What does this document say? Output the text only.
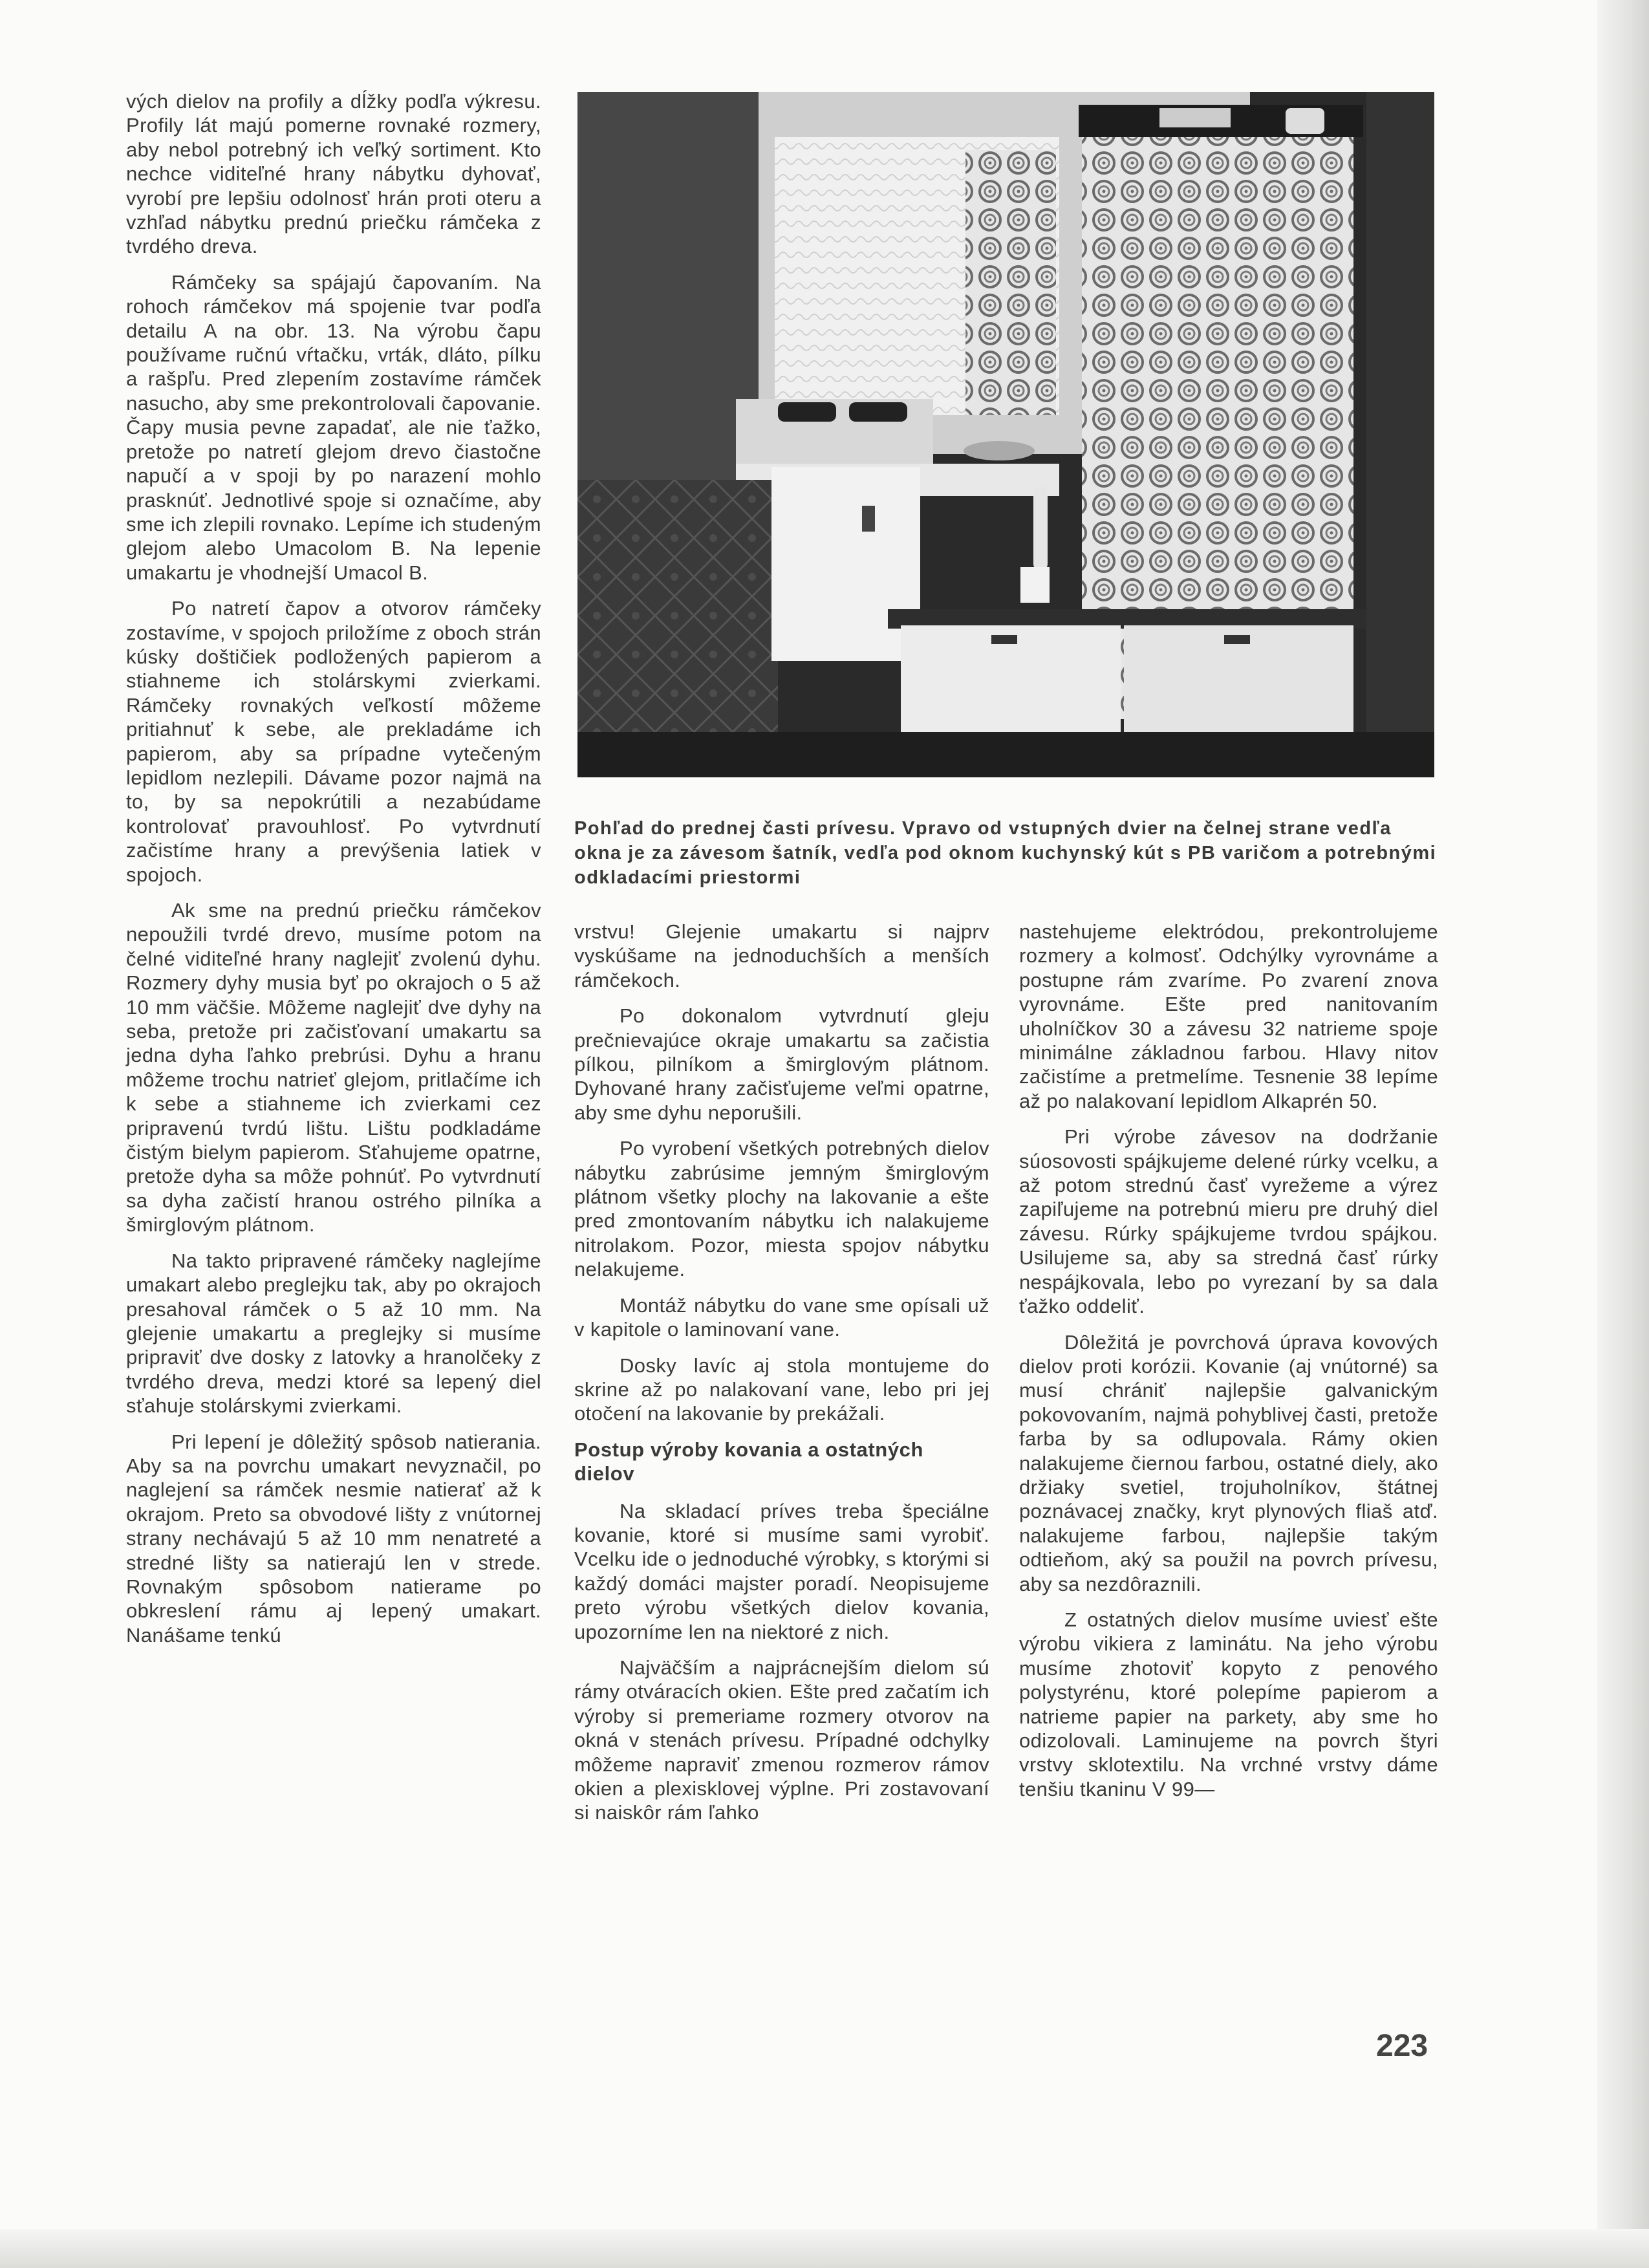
vých dielov na profily a dĺžky podľa výkresu. Profily lát majú pomerne rovnaké rozmery, aby nebol potrebný ich veľký sortiment. Kto nechce viditeľné hrany nábytku dyhovať, vyrobí pre lepšiu odolnosť hrán proti oteru a vzhľad nábytku prednú priečku rámčeka z tvrdého dreva.

Rámčeky sa spájajú čapovaním. Na rohoch rámčekov má spojenie tvar podľa detailu A na obr. 13. Na výrobu čapu používame ručnú vŕtačku, vrták, dláto, pílku a rašpľu. Pred zlepením zostavíme rámček nasucho, aby sme prekontrolovali čapovanie. Čapy musia pevne zapadať, ale nie ťažko, pretože po natretí glejom drevo čiastočne napučí a v spoji by po narazení mohlo prasknúť. Jednotlivé spoje si označíme, aby sme ich zlepili rovnako. Lepíme ich studeným glejom alebo Umacolom B. Na lepenie umakartu je vhodnejší Umacol B.

Po natretí čapov a otvorov rámčeky zostavíme, v spojoch priložíme z oboch strán kúsky doštičiek podložených papierom a stiahneme ich stolárskymi zvierkami. Rámčeky rovnakých veľkostí môžeme pritiahnuť k sebe, ale prekladáme ich papierom, aby sa prípadne vytečeným lepidlom nezlepili. Dávame pozor najmä na to, by sa nepokrútili a nezabúdame kontrolovať pravouhlosť. Po vytvrdnutí začistíme hrany a prevýšenia latiek v spojoch.

Ak sme na prednú priečku rámčekov nepoužili tvrdé drevo, musíme potom na čelné viditeľné hrany naglejiť zvolenú dyhu. Rozmery dyhy musia byť po okrajoch o 5 až 10 mm väčšie. Môžeme naglejiť dve dyhy na seba, pretože pri začisťovaní umakartu sa jedna dyha ľahko prebrúsi. Dyhu a hranu môžeme trochu natrieť glejom, pritlačíme ich k sebe a stiahneme ich zvierkami cez pripravenú tvrdú lištu. Lištu podkladáme čistým bielym papierom. Sťahujeme opatrne, pretože dyha sa môže pohnúť. Po vytvrdnutí sa dyha začistí hranou ostrého pilníka a šmirglovým plátnom.

Na takto pripravené rámčeky naglejíme umakart alebo preglejku tak, aby po okrajoch presahoval rámček o 5 až 10 mm. Na glejenie umakartu a preglejky si musíme pripraviť dve dosky z latovky a hranolčeky z tvrdého dreva, medzi ktoré sa lepený diel sťahuje stolárskymi zvierkami.

Pri lepení je dôležitý spôsob natierania. Aby sa na povrchu umakart nevyznačil, po naglejení sa rámček nesmie natierať až k okrajom. Preto sa obvodové lišty z vnútornej strany nechávajú 5 až 10 mm nenatreté a stredné lišty sa natierajú len v strede. Rovnakým spôsobom natierame po obkreslení rámu aj lepený umakart. Nanášame tenkú

Pohľad do prednej časti prívesu. Vpravo od vstupných dvier na čelnej strane vedľa okna je za závesom šatník, vedľa pod oknom kuchynský kút s PB varičom a potrebnými odkladacími priestormi

vrstvu! Glejenie umakartu si najprv vyskúšame na jednoduchších a menších rámčekoch.

Po dokonalom vytvrdnutí gleju prečnievajúce okraje umakartu sa začistia pílkou, pilníkom a šmirglovým plátnom. Dyhované hrany začisťujeme veľmi opatrne, aby sme dyhu neporušili.

Po vyrobení všetkých potrebných dielov nábytku zabrúsime jemným šmirglovým plátnom všetky plochy na lakovanie a ešte pred zmontovaním nábytku ich nalakujeme nitrolakom. Pozor, miesta spojov nábytku nelakujeme.

Montáž nábytku do vane sme opísali už v kapitole o laminovaní vane.

Dosky lavíc aj stola montujeme do skrine až po nalakovaní vane, lebo pri jej otočení na lakovanie by prekážali.

Postup výroby kovania a ostatných dielov

Na skladací príves treba špeciálne kovanie, ktoré si musíme sami vyrobiť. Vcelku ide o jednoduché výrobky, s ktorými si každý domáci majster poradí. Neopisujeme preto výrobu všetkých dielov kovania, upozorníme len na niektoré z nich.

Najväčším a najprácnejším dielom sú rámy otváracích okien. Ešte pred začatím ich výroby si premeriame rozmery otvorov na okná v stenách prívesu. Prípadné odchylky môžeme napraviť zmenou rozmerov rámov okien a plexisklovej výplne. Pri zostavovaní si naiskôr rám ľahko

nastehujeme elektródou, prekontrolujeme rozmery a kolmosť. Odchýlky vyrovnáme a postupne rám zvaríme. Po zvarení znova vyrovnáme. Ešte pred nanitovaním uholníčkov 30 a závesu 32 natrieme spoje minimálne základnou farbou. Hlavy nitov začistíme a pretmelíme. Tesnenie 38 lepíme až po nalakovaní lepidlom Alkaprén 50.

Pri výrobe závesov na dodržanie súosovosti spájkujeme delené rúrky vcelku, a až potom strednú časť vyrežeme a výrez zapiľujeme na potrebnú mieru pre druhý diel závesu. Rúrky spájkujeme tvrdou spájkou. Usilujeme sa, aby sa stredná časť rúrky nespájkovala, lebo po vyrezaní by sa dala ťažko oddeliť.

Dôležitá je povrchová úprava kovových dielov proti korózii. Kovanie (aj vnútorné) sa musí chrániť najlepšie galvanickým pokovovaním, najmä pohyblivej časti, pretože farba by sa odlupovala. Rámy okien nalakujeme čiernou farbou, ostatné diely, ako držiaky svetiel, trojuholníkov, štátnej poznávacej značky, kryt plynových fliaš atď. nalakujeme farbou, najlepšie takým odtieňom, aký sa použil na povrch prívesu, aby sa nezdôraznili.

Z ostatných dielov musíme uviesť ešte výrobu vikiera z laminátu. Na jeho výrobu musíme zhotoviť kopyto z penového polystyrénu, ktoré polepíme papierom a natrieme papier na parkety, aby sme ho odizolovali. Laminujeme na povrch štyri vrstvy sklotextilu. Na vrchné vrstvy dáme tenšiu tkaninu V 99—

223
